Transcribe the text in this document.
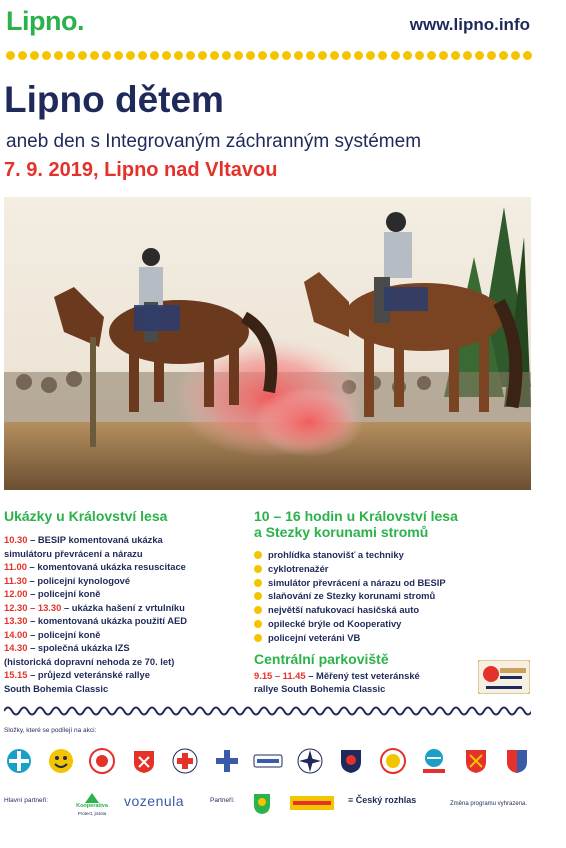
Lipno.	www.lipno.info
Lipno dětem
aneb den s Integrovaným záchranným systémem
7. 9. 2019, Lipno nad Vltavou
Ukázky u Království lesa
10.30 – BESIP komentovaná ukázka
simulátoru převrácení a nárazu
11.00 – komentovaná ukázka resuscitace
11.30 – policejní kynologové
12.00 – policejní koně
12.30 – 13.30 – ukázka hašení z vrtulníku
13.30 – komentovaná ukázka použití AED
14.00 – policejní koně
14.30 – společná ukázka IZS
(historická dopravní nehoda ze 70. let)
15.15 – průjezd veteránské rallye
South Bohemia Classic
10 – 16 hodin u Království lesa
a Stezky korunami stromů
prohlídka stanovišť a techniky
cyklotrenažér
simulátor převrácení a nárazu od BESIP
slaňování ze Stezky korunami stromů
největší nafukovací hasičská auto
opilecké brýle od Kooperativy
policejní veteráni VB
Centrální parkoviště
9.15 – 11.45 – Měřený test veteránské
rallye South Bohemia Classic
Složky, které se podílejí na akci:
Hlavní partneři:
Kooperativa
Protect, jistota
vozenula	Partneři:	≡ Český rozhlas	Změna programu vyhrazena.
